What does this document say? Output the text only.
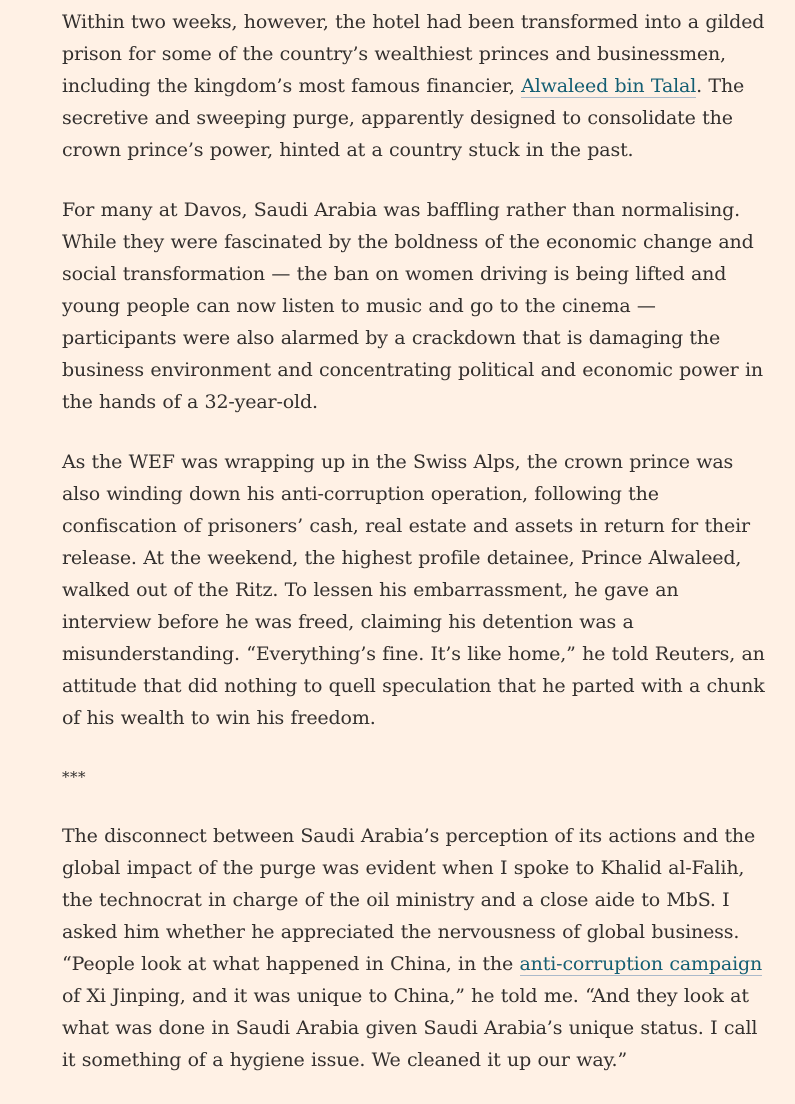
Within two weeks, however, the hotel had been transformed into a gilded prison for some of the country’s wealthiest princes and businessmen, including the kingdom’s most famous financier, Alwaleed bin Talal. The secretive and sweeping purge, apparently designed to consolidate the crown prince’s power, hinted at a country stuck in the past.

For many at Davos, Saudi Arabia was baffling rather than normalising. While they were fascinated by the boldness of the economic change and social transformation — the ban on women driving is being lifted and young people can now listen to music and go to the cinema — participants were also alarmed by a crackdown that is damaging the business environment and concentrating political and economic power in the hands of a 32-year-old.

As the WEF was wrapping up in the Swiss Alps, the crown prince was also winding down his anti-corruption operation, following the confiscation of prisoners’ cash, real estate and assets in return for their release. At the weekend, the highest profile detainee, Prince Alwaleed, walked out of the Ritz. To lessen his embarrassment, he gave an interview before he was freed, claiming his detention was a misunderstanding. “Everything’s fine. It’s like home,” he told Reuters, an attitude that did nothing to quell speculation that he parted with a chunk of his wealth to win his freedom.

***

The disconnect between Saudi Arabia’s perception of its actions and the global impact of the purge was evident when I spoke to Khalid al-Falih, the technocrat in charge of the oil ministry and a close aide to MbS. I asked him whether he appreciated the nervousness of global business. “People look at what happened in China, in the anti-corruption campaign of Xi Jinping, and it was unique to China,” he told me. “And they look at what was done in Saudi Arabia given Saudi Arabia’s unique status. I call it something of a hygiene issue. We cleaned it up our way.”
